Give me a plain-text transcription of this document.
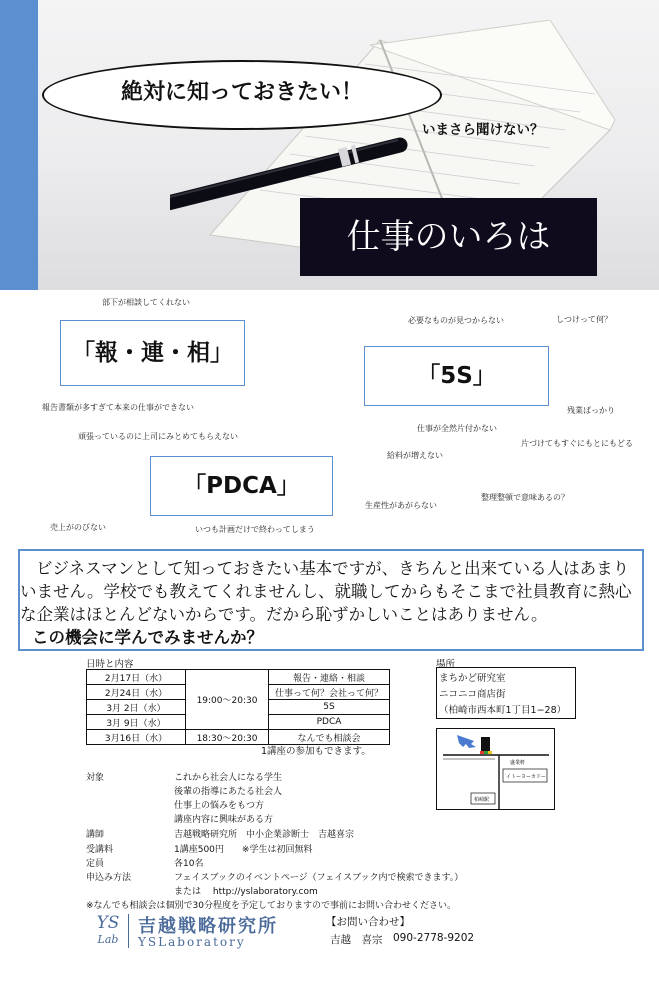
絶対に知っておきたい！
いまさら聞けない？
仕事のいろは
部下が相談してくれない
必要なものが見つからない	しつけって何？
「報・連・相」
「5S」
報告書類が多すぎて本来の仕事ができない	残業ばっかり
仕事が全然片付かない
頑張っているのに上司にみとめてもらえない
片づけてもすぐにもとにもどる
給料が増えない
「PDCA」	整理整頓で意味あるの？
生産性があがらない
売上がのびない	いつも計画だけで終わってしまう
ビジネスマンとして知っておきたい基本ですが、きちんと出来ている人はあまり
いません。学校でも教えてくれませんし、就職してからもそこまで社員教育に熱心
な企業はほとんどないからです。だから恥ずかしいことはありません。
この機会に学んでみませんか？
日時と内容
2月17日（水）	19:00～20:30	報告・連絡・相談
2月24日（水）		仕事って何？会社って何？
3月 2日（水）		5S
3月 9日（水）		PDCA
3月16日（水）	18:30～20:30	なんでも相談会
1講座の参加もできます。
場所
まちかど研究室
ニコニコ商店街
（柏崎市西本町1丁目1−28）
盛業軒
イトーヨーカドー
柏崎駅
対象	これから社会人になる学生
後輩の指導にあたる社会人
仕事上の悩みをもつ方
講座内容に興味がある方
講師	吉越戦略研究所　中小企業診断士　吉越喜宗
受講料	1講座500円　　※学生は初回無料
定員	各10名
申込み方法	フェイスブックのイベントページ（フェイスブック内で検索できます。）
または　 http://yslaboratory.com
※なんでも相談会は個別で30分程度を予定しておりますので事前にお問い合わせください。
YS
Lab
吉越戦略研究所
YSLaboratory
【お問い合わせ】
吉越　喜宗 090-2778-9202
